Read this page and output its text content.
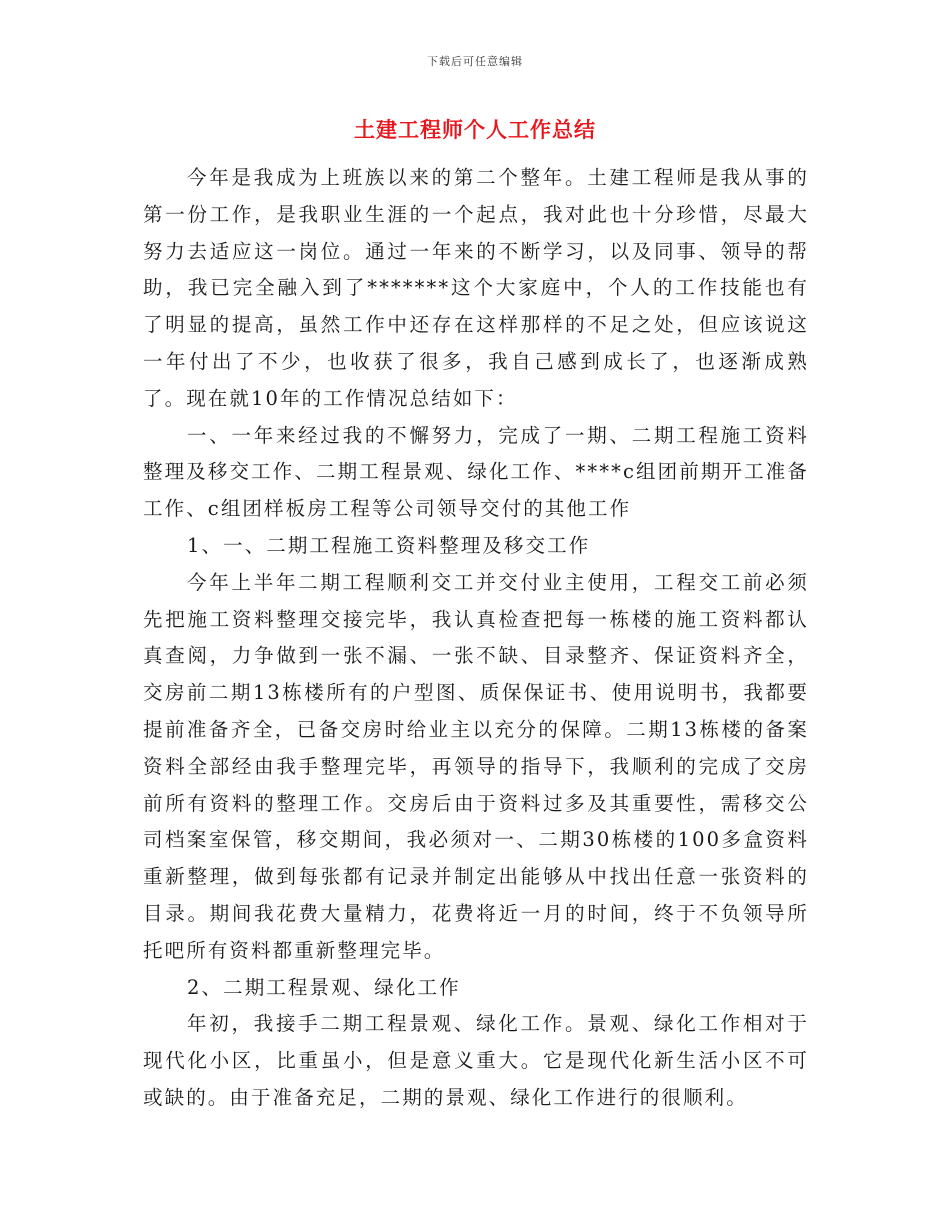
下载后可任意编辑
土建工程师个人工作总结

今年是我成为上班族以来的第二个整年。土建工程师是我从事的第一份工作，是我职业生涯的一个起点，我对此也十分珍惜，尽最大努力去适应这一岗位。通过一年来的不断学习，以及同事、领导的帮助，我已完全融入到了*******这个大家庭中，个人的工作技能也有了明显的提高，虽然工作中还存在这样那样的不足之处，但应该说这一年付出了不少，也收获了很多，我自己感到成长了，也逐渐成熟了。现在就10年的工作情况总结如下：

一、一年来经过我的不懈努力，完成了一期、二期工程施工资料整理及移交工作、二期工程景观、绿化工作、****c组团前期开工准备工作、c组团样板房工程等公司领导交付的其他工作

1、一、二期工程施工资料整理及移交工作

今年上半年二期工程顺利交工并交付业主使用，工程交工前必须先把施工资料整理交接完毕，我认真检查把每一栋楼的施工资料都认真查阅，力争做到一张不漏、一张不缺、目录整齐、保证资料齐全，交房前二期13栋楼所有的户型图、质保保证书、使用说明书，我都要提前准备齐全，已备交房时给业主以充分的保障。二期13栋楼的备案资料全部经由我手整理完毕，再领导的指导下，我顺利的完成了交房前所有资料的整理工作。交房后由于资料过多及其重要性，需移交公司档案室保管，移交期间，我必须对一、二期30栋楼的100多盒资料重新整理，做到每张都有记录并制定出能够从中找出任意一张资料的目录。期间我花费大量精力，花费将近一月的时间，终于不负领导所托吧所有资料都重新整理完毕。

2、二期工程景观、绿化工作

年初，我接手二期工程景观、绿化工作。景观、绿化工作相对于现代化小区，比重虽小，但是意义重大。它是现代化新生活小区不可或缺的。由于准备充足，二期的景观、绿化工作进行的很顺利。
